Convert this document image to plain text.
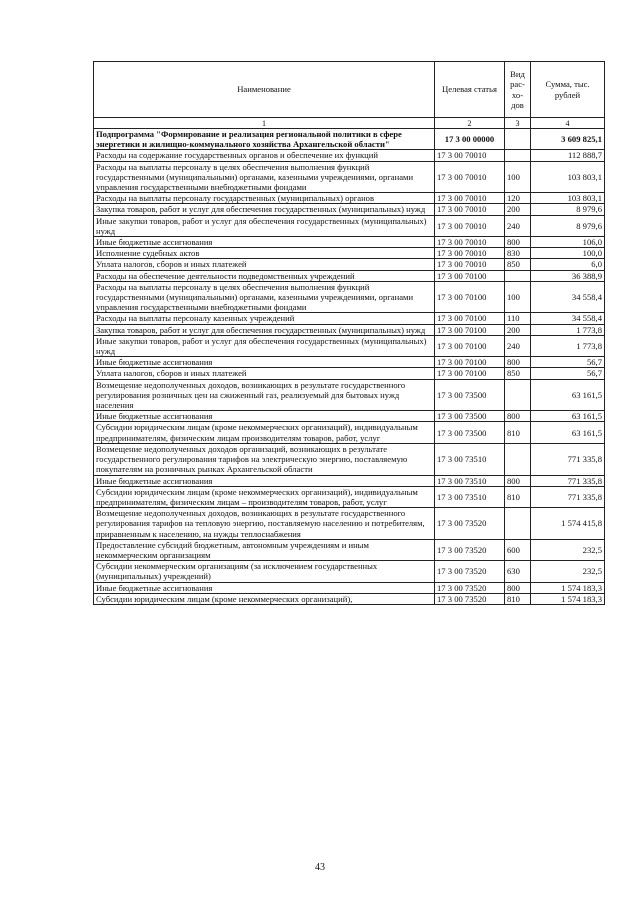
Наименование	Целевая статья	Вид рас-хо-дов	Сумма, тыс. рублей
1	2	3	4
Подпрограмма "Формирование и реализация региональной политики в сфере энергетики и жилищно-коммунального хозяйства Архангельской области"	17 3 00 00000		3 609 825,1
Расходы на содержание государственных органов и обеспечение их функций	17 3 00 70010		112 888,7
Расходы на выплаты персоналу в целях обеспечения выполнения функций государственными (муниципальными) органами, казенными учреждениями, органами управления государственными внебюджетными фондами	17 3 00 70010	100	103 803,1
Расходы на выплаты персоналу государственных (муниципальных) органов	17 3 00 70010	120	103 803,1
Закупка товаров, работ и услуг для обеспечения государственных (муниципальных) нужд	17 3 00 70010	200	8 979,6
Иные закупки товаров, работ и услуг для обеспечения государственных (муниципальных) нужд	17 3 00 70010	240	8 979,6
Иные бюджетные ассигнования	17 3 00 70010	800	106,0
Исполнение судебных актов	17 3 00 70010	830	100,0
Уплата налогов, сборов и иных платежей	17 3 00 70010	850	6,0
Расходы на обеспечение деятельности подведомственных учреждений	17 3 00 70100		36 388,9
Расходы на выплаты персоналу в целях обеспечения выполнения функций государственными (муниципальными) органами, казенными учреждениями, органами управления государственными внебюджетными фондами	17 3 00 70100	100	34 558,4
Расходы на выплаты персоналу казенных учреждений	17 3 00 70100	110	34 558,4
Закупка товаров, работ и услуг для обеспечения государственных (муниципальных) нужд	17 3 00 70100	200	1 773,8
Иные закупки товаров, работ и услуг для обеспечения государственных (муниципальных) нужд	17 3 00 70100	240	1 773,8
Иные бюджетные ассигнования	17 3 00 70100	800	56,7
Уплата налогов, сборов и иных платежей	17 3 00 70100	850	56,7
Возмещение недополученных доходов, возникающих в результате государственного регулирования розничных цен на сжиженный газ, реализуемый для бытовых нужд населения	17 3 00 73500		63 161,5
Иные бюджетные ассигнования	17 3 00 73500	800	63 161,5
Субсидии юридическим лицам (кроме некоммерческих организаций), индивидуальным предпринимателям, физическим лицам производителям товаров, работ, услуг	17 3 00 73500	810	63 161,5
Возмещение недополученных доходов организаций, возникающих в результате государственного регулирования тарифов на электрическую энергию, поставляемую покупателям на розничных рынках Архангельской области	17 3 00 73510		771 335,8
Иные бюджетные ассигнования	17 3 00 73510	800	771 335,8
Субсидии юридическим лицам (кроме некоммерческих организаций), индивидуальным предпринимателям, физическим лицам – производителям товаров, работ, услуг	17 3 00 73510	810	771 335,8
Возмещение недополученных доходов, возникающих в результате государственного регулирования тарифов на тепловую энергию, поставляемую населению и потребителям, приравненным к населению, на нужды теплоснабжения	17 3 00 73520		1 574 415,8
Предоставление субсидий бюджетным, автономным учреждениям и иным некоммерческим организациям	17 3 00 73520	600	232,5
Субсидии некоммерческим организациям (за исключением государственных (муниципальных) учреждений)	17 3 00 73520	630	232,5
Иные бюджетные ассигнования	17 3 00 73520	800	1 574 183,3
Субсидии юридическим лицам (кроме некоммерческих организаций),	17 3 00 73520	810	1 574 183,3
43
